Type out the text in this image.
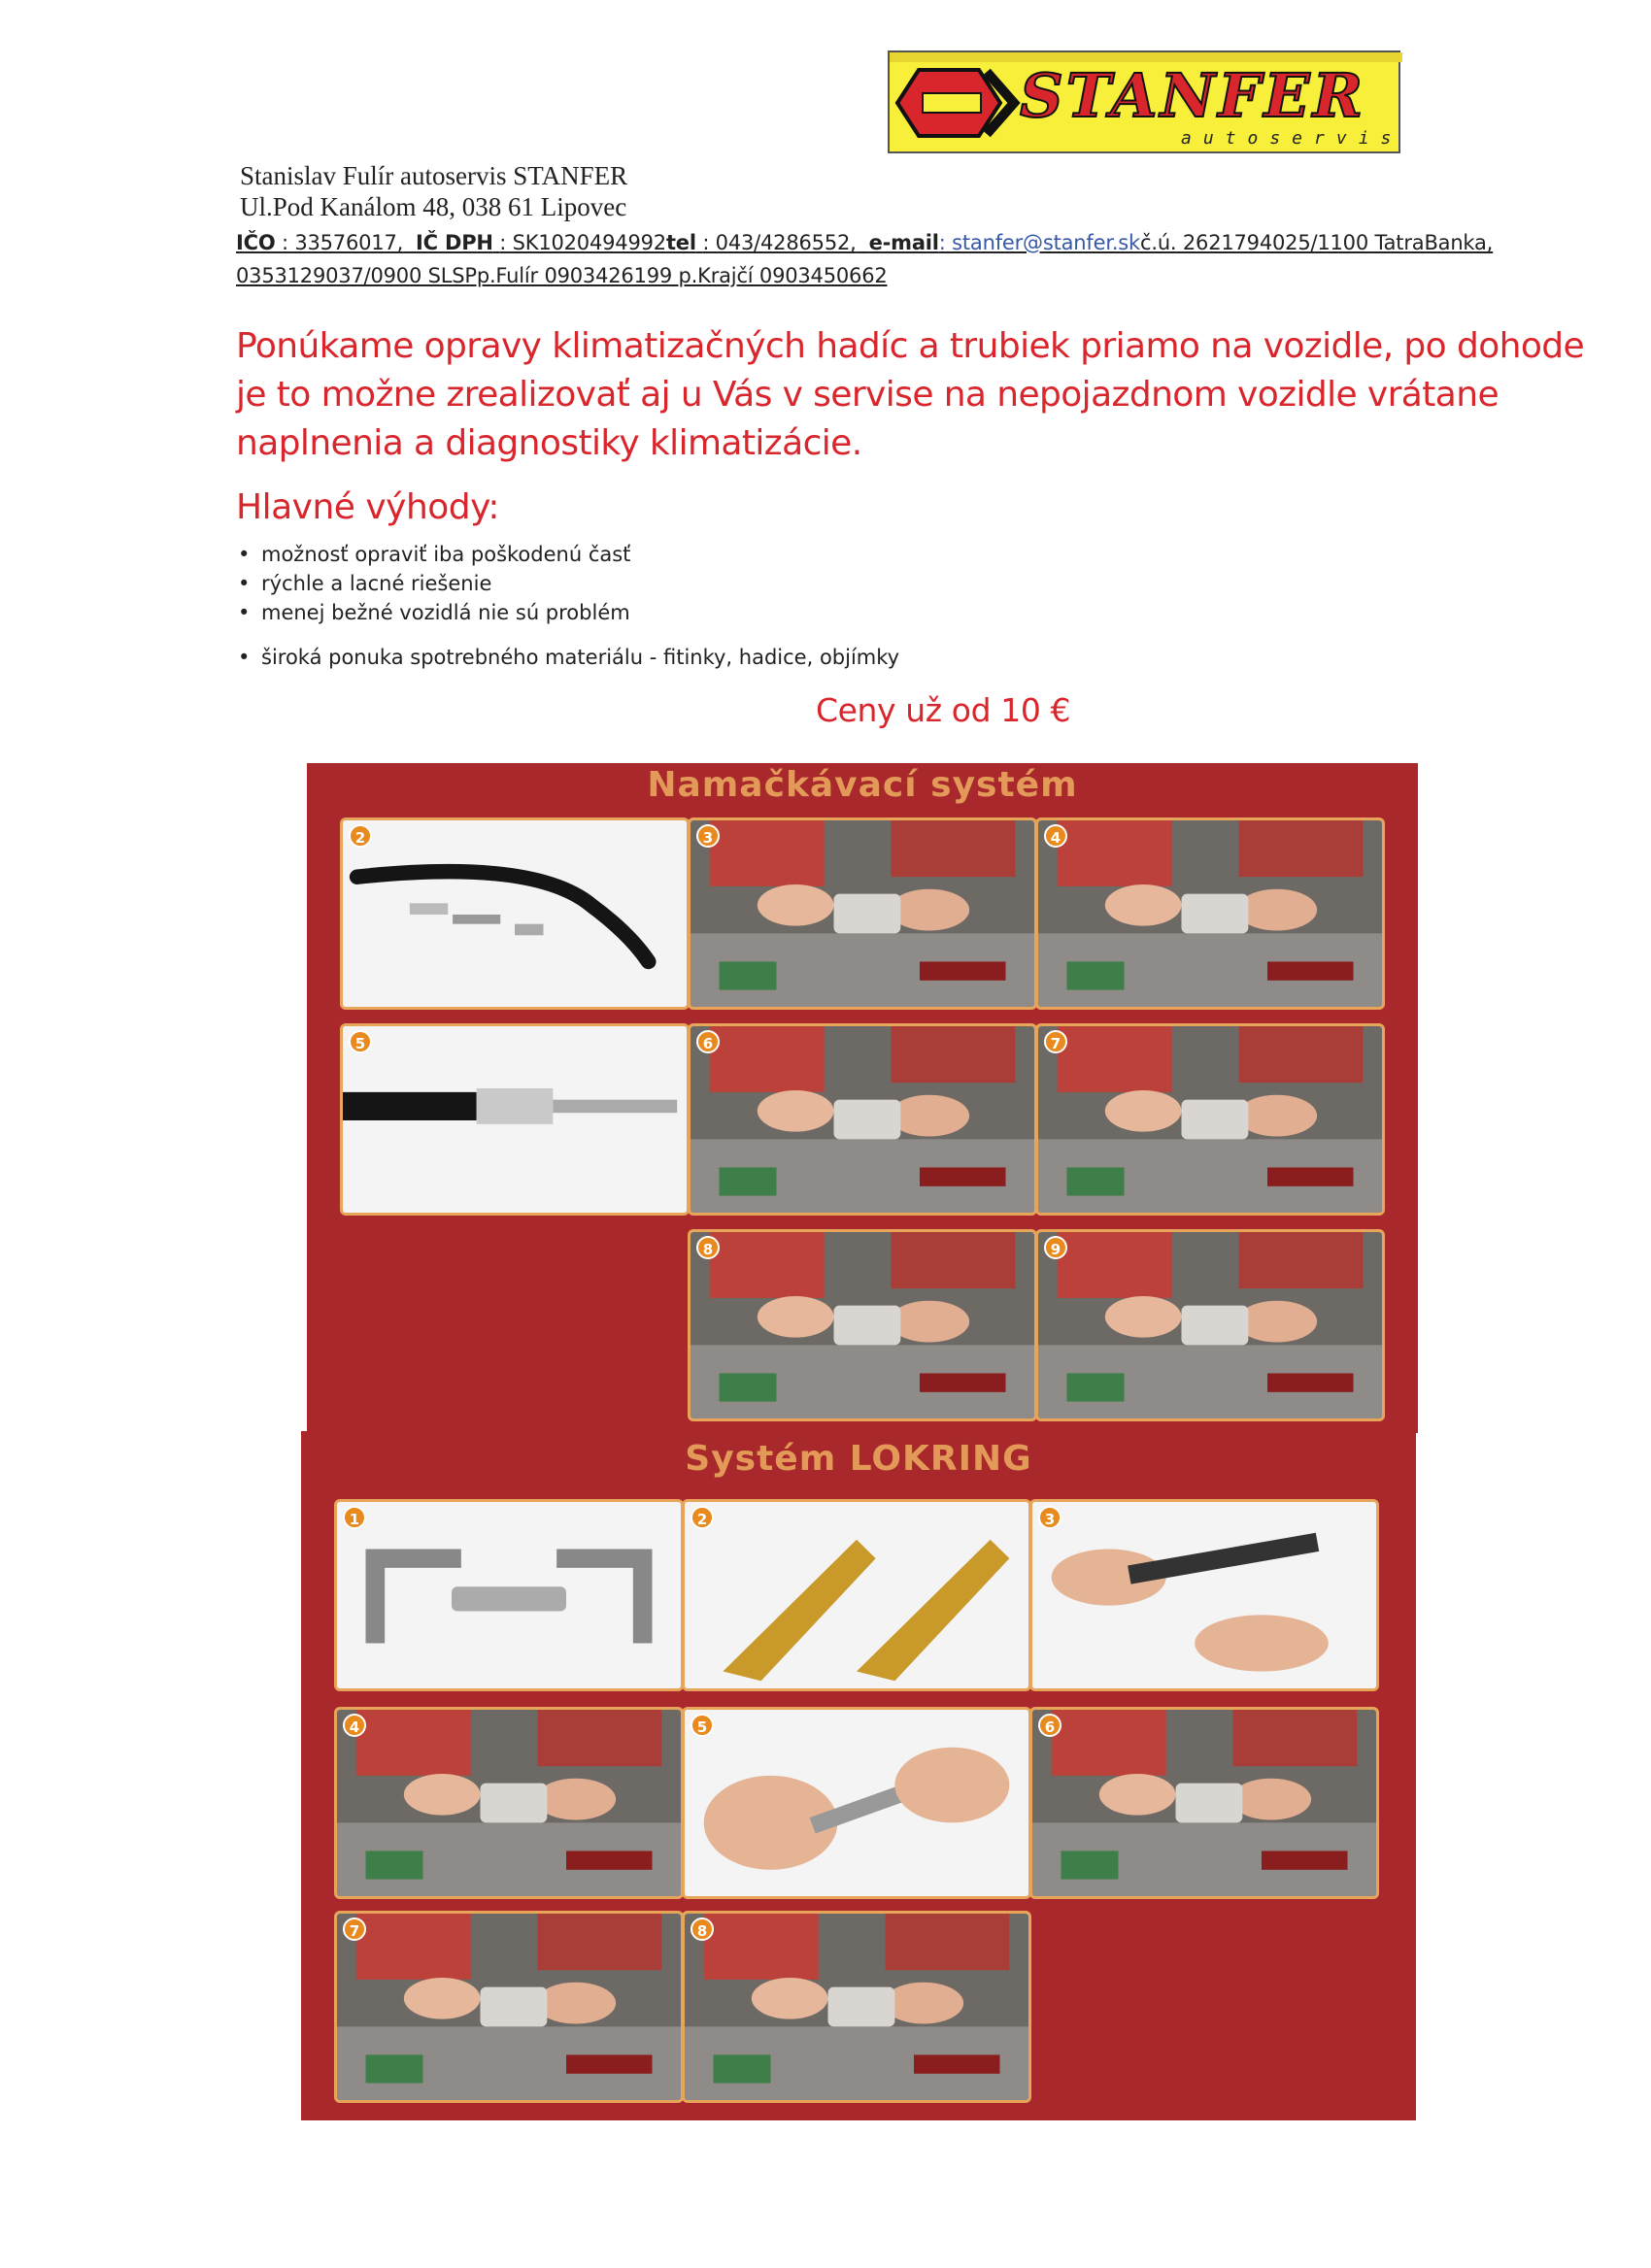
STANFER
autoservis
Stanislav Fulír autoservis STANFER
Ul.Pod Kanálom 48, 038 61 Lipovec
IČO : 33576017, IČ DPH : SK1020494992tel : 043/4286552, e-mail: stanfer@stanfer.skč.ú. 2621794025/1100 TatraBanka,
0353129037/0900 SLSPp.Fulír 0903426199 p.Krajčí 0903450662
Ponúkame opravy klimatizačných hadíc a trubiek priamo na vozidle, po dohode je to možne zrealizovať aj u Vás v servise na nepojazdnom vozidle vrátane naplnenia a diagnostiky klimatizácie.
Hlavné výhody:
• možnosť opraviť iba poškodenú časť
• rýchle a lacné riešenie
• menej bežné vozidlá nie sú problém
• široká ponuka spotrebného materiálu - fitinky, hadice, objímky
Ceny už od 10 €
Namačkávací systém
2	3	4
5	6	7
8	9
Systém LOKRING
1	2	3
4	5	6
7	8
